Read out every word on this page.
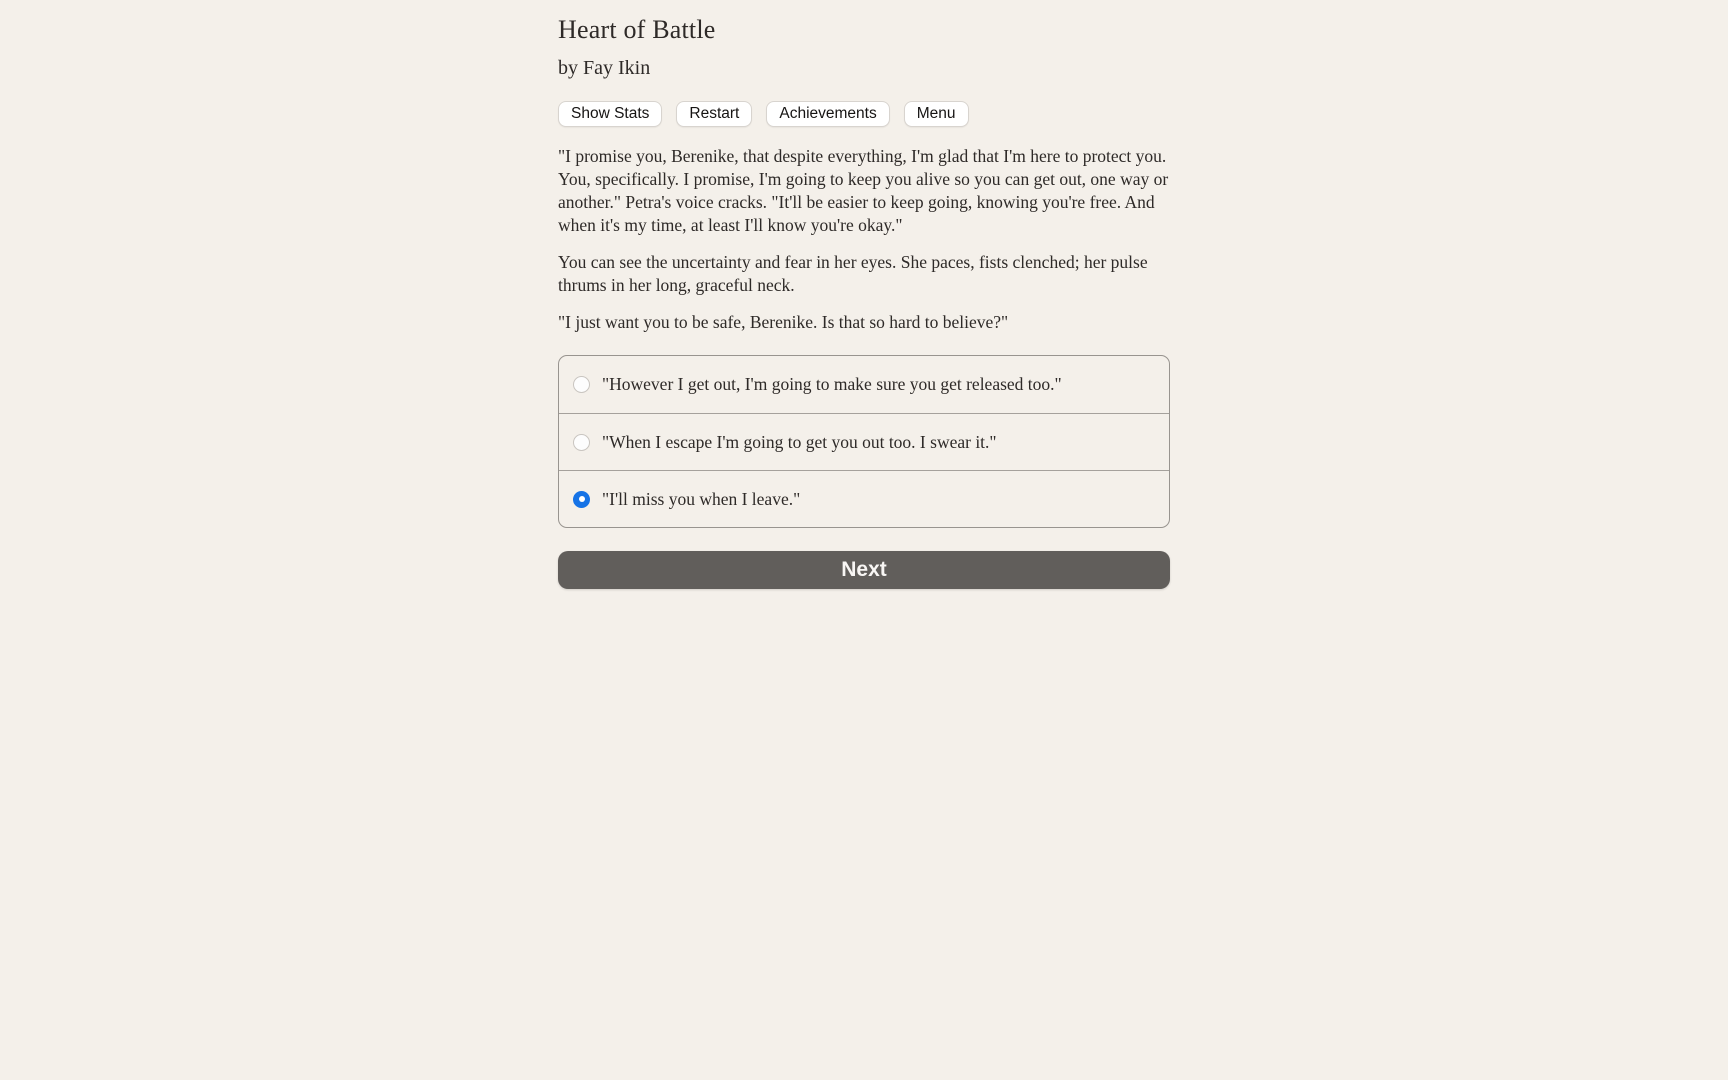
Heart of Battle
by Fay Ikin
Show Stats	Restart	Achievements	Menu

"I promise you, Berenike, that despite everything, I'm glad that I'm here to protect you. You, specifically. I promise, I'm going to keep you alive so you can get out, one way or another." Petra's voice cracks. "It'll be easier to keep going, knowing you're free. And when it's my time, at least I'll know you're okay."

You can see the uncertainty and fear in her eyes. She paces, fists clenched; her pulse thrums in her long, graceful neck.

"I just want you to be safe, Berenike. Is that so hard to believe?"

"However I get out, I'm going to make sure you get released too."
"When I escape I'm going to get you out too. I swear it."
"I'll miss you when I leave."
Next
